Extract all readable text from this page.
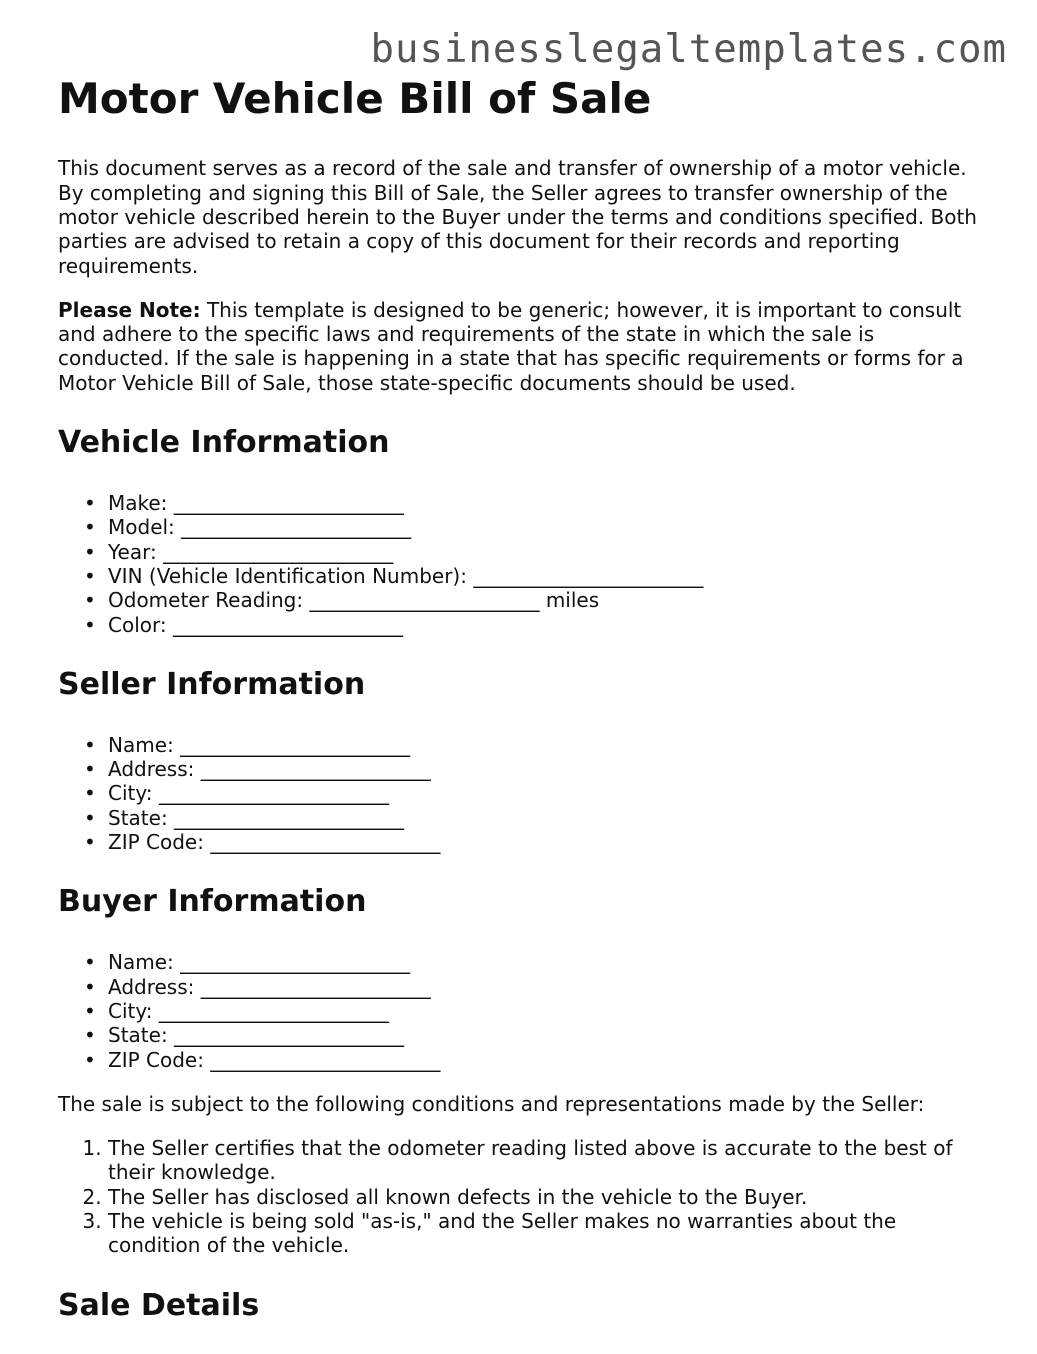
businesslegaltemplates.com
Motor Vehicle Bill of Sale

This document serves as a record of the sale and transfer of ownership of a motor vehicle. By completing and signing this Bill of Sale, the Seller agrees to transfer ownership of the motor vehicle described herein to the Buyer under the terms and conditions specified. Both parties are advised to retain a copy of this document for their records and reporting requirements.

Please Note: This template is designed to be generic; however, it is important to consult and adhere to the specific laws and requirements of the state in which the sale is conducted. If the sale is happening in a state that has specific requirements or forms for a Motor Vehicle Bill of Sale, those state-specific documents should be used.

Vehicle Information
• Make: _______________________
• Model: _______________________
• Year: _______________________
• VIN (Vehicle Identification Number): _______________________
• Odometer Reading: _______________________ miles
• Color: _______________________
Seller Information
• Name: _______________________
• Address: _______________________
• City: _______________________
• State: _______________________
• ZIP Code: _______________________
Buyer Information
• Name: _______________________
• Address: _______________________
• City: _______________________
• State: _______________________
• ZIP Code: _______________________

The sale is subject to the following conditions and representations made by the Seller:

1. The Seller certifies that the odometer reading listed above is accurate to the best of their knowledge.
2. The Seller has disclosed all known defects in the vehicle to the Buyer.
3. The vehicle is being sold "as-is," and the Seller makes no warranties about the condition of the vehicle.
Sale Details
